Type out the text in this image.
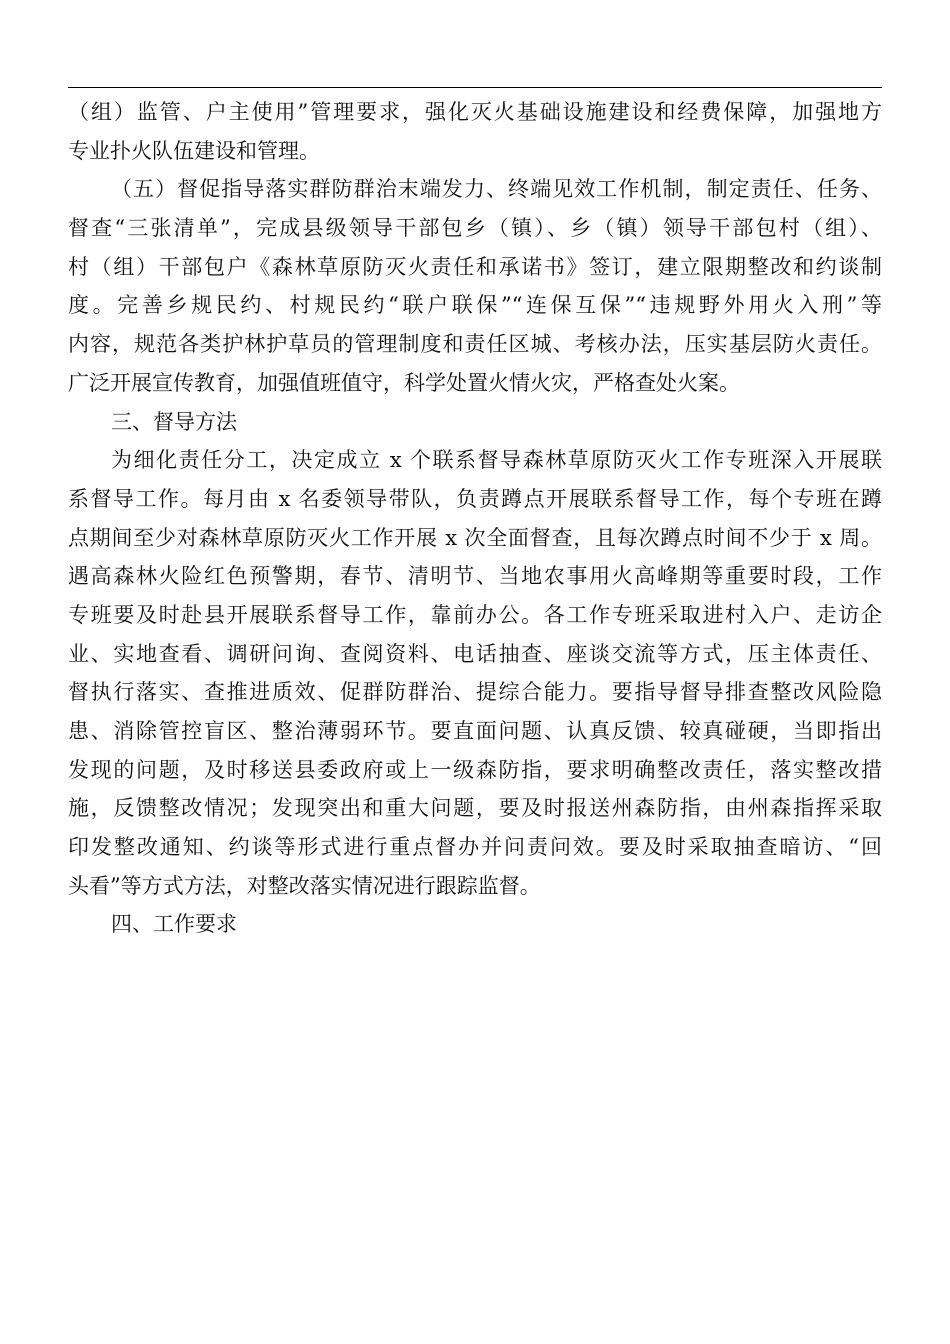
（组）监管、户主使用”管理要求，强化灭火基础设施建设和经费保障，加强地方
专业扑火队伍建设和管理。
（五）督促指导落实群防群治末端发力、终端见效工作机制，制定责任、任务、
督查“三张清单”，完成县级领导干部包乡（镇）、乡（镇）领导干部包村（组）、
村（组）干部包户《森林草原防灭火责任和承诺书》签订，建立限期整改和约谈制
度。完善乡规民约、村规民约“联户联保”“连保互保”“违规野外用火入刑”等
内容，规范各类护林护草员的管理制度和责任区城、考核办法，压实基层防火责任。
广泛开展宣传教育，加强值班值守，科学处置火情火灾，严格查处火案。
三、督导方法
为细化责任分工，决定成立 x 个联系督导森林草原防灭火工作专班深入开展联
系督导工作。每月由 x 名委领导带队，负责蹲点开展联系督导工作，每个专班在蹲
点期间至少对森林草原防灭火工作开展 x 次全面督查，且每次蹲点时间不少于 x 周。
遇高森林火险红色预警期，春节、清明节、当地农事用火高峰期等重要时段，工作
专班要及时赴县开展联系督导工作，靠前办公。各工作专班采取进村入户、走访企
业、实地查看、调研问询、查阅资料、电话抽查、座谈交流等方式，压主体责任、
督执行落实、查推进质效、促群防群治、提综合能力。要指导督导排查整改风险隐
患、消除管控盲区、整治薄弱环节。要直面问题、认真反馈、较真碰硬，当即指出
发现的问题，及时移送县委政府或上一级森防指，要求明确整改责任，落实整改措
施，反馈整改情况；发现突出和重大问题，要及时报送州森防指，由州森指挥采取
印发整改通知、约谈等形式进行重点督办并问责问效。要及时采取抽查暗访、“回
头看”等方式方法，对整改落实情况进行跟踪监督。
四、工作要求
